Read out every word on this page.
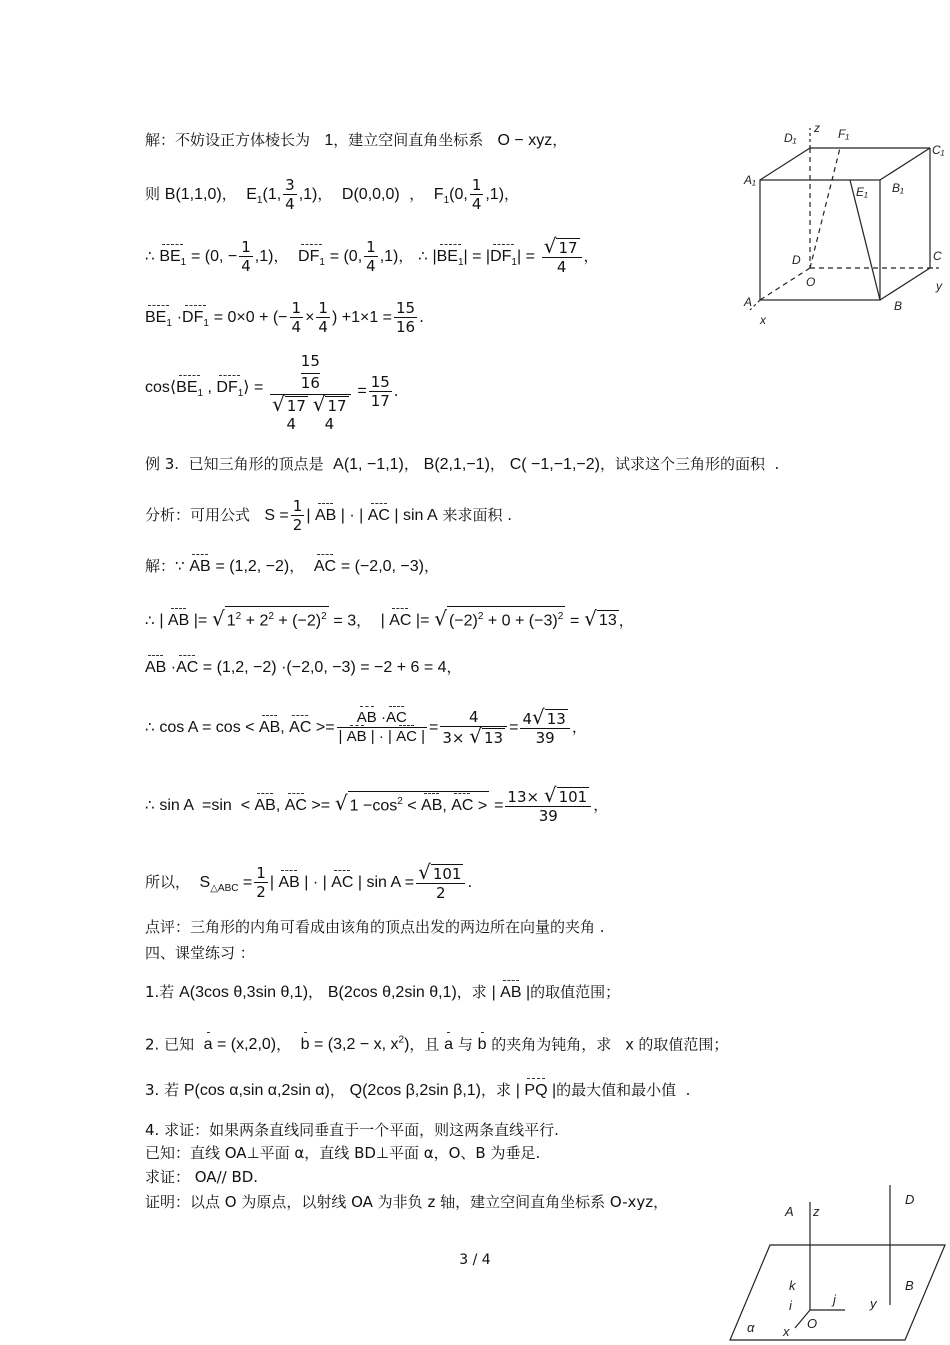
解：不妨设正方体棱长为   1，建立空间直角坐标系   O − xyz，
则 B(1,1,0)，  $E_1(1$, $\frac{3}{4} ,1$)，  D(0,0,0)  ，  $F_1(0$, $\frac{1}{4} ,1$)，
∴ $BE_1 = (0$, − $\frac{1}{4} ,1$)，  $DF_1 = (0$, $\frac{1}{4} ,1$)， ∴ $|BE_1| = |DF_1| = \frac{√ 17}{4}$ ，
$BE_1 \cdot DF_1 = 0\times 0$ + (− $\frac{1}{4} \times \frac{1}{4}$ ) $+1\times 1 = \frac{15}{16}$ .
$\cos⟨BE_1$ , $DF_1⟩$ =
15
16
√ 17 √ 17
4      4
= $\frac{15}{17}$ .
例 3.  已知三角形的顶点是  A(1, −1,1)， B(2,1,−1)， C( −1,−1,−2)，试求这个三角形的面积  .
分析：可用公式   $S = \frac{1}{2}$ | AB | · | AC | sin A 来求面积 .
解：∵ AB = (1,2, −2)，  AC = (−2,0, −3)，
∴ | AB |= √ $1^2 + 2^2 + (-2)^2 = 3$，  | AC |= √ $(-2)^2 + 0 + (-3)^2$ = √ 13 ，
AB ·AC = (1,2, −2) ·(−2,0, −3) = −2 + 6 = 4，
∴ cos A = cos < AB, AC >= $\frac{AB \cdot AC}{| AB | \cdot | AC |} = \frac{4}{3\times √ 13} = \frac{4√ 13}{39}$ ，
∴ sin A  =sin  < AB, AC >= √ $1 -\cos^2$ < AB, AC > = $\frac{13\times √ 101}{39}$ ，
所以，  $S_{\triangle ABC} = \frac{1}{2}$ | AB | · | AC | $\sin A = \frac{√ 101}{2}$ .
点评：三角形的内角可看成由该角的顶点出发的两边所在向量的夹角 .
四、课堂练习 ：
1.若 A(3cos θ,3sin θ,1)， B(2cos θ,2sin θ,1)，求 | AB |的取值范围；
2. 已知  a = (x,2,0)，  b = (3,2 − x, $x^2$)，且 a 与 b 的夹角为钝角，求   x 的取值范围；
3. 若 P(cos α,sin α,2sin α)， Q(2cos β,2sin β,1)，求 | PQ |的最大值和最小值  .
4. 求证：如果两条直线同垂直于一个平面，则这两条直线平行.
已知：直线 OA⊥平面 α，直线 BD⊥平面 α，O、B 为垂足.
求证： OA// BD.
证明：以点 O 为原点，以射线 OA 为非负 z 轴，建立空间直角坐标系 O-xyz，
3 / 4
D₁
z F₁
C₁
A₁
E₁ B₁
D	C
O	y
A	B
x
A z
D
k
i
O
j	y
B
α x
